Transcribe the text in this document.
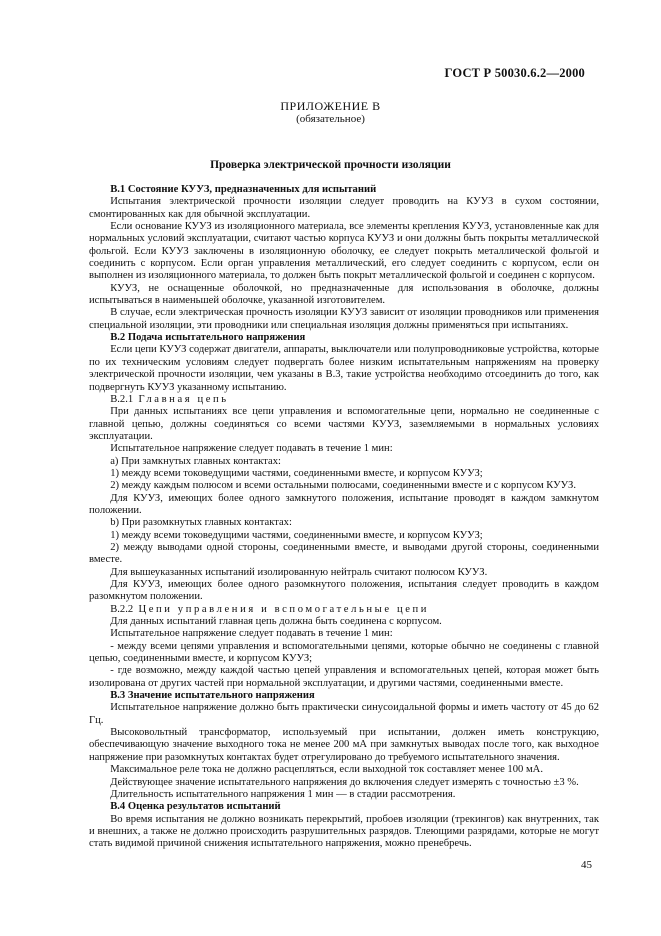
ГОСТ Р 50030.6.2—2000
ПРИЛОЖЕНИЕ В
(обязательное)
Проверка электрической прочности изоляции

В.1 Состояние КУУЗ, предназначенных для испытаний

Испытания электрической прочности изоляции следует проводить на КУУЗ в сухом состоянии, смонтированных как для обычной эксплуатации.

Если основание КУУЗ из изоляционного материала, все элементы крепления КУУЗ, установленные как для нормальных условий эксплуатации, считают частью корпуса КУУЗ и они должны быть покрыты металлической фольгой. Если КУУЗ заключены в изоляционную оболочку, ее следует покрыть металлической фольгой и соединить с корпусом. Если орган управления металлический, его следует соединить с корпусом, если он выполнен из изоляционного материала, то должен быть покрыт металлической фольгой и соединен с корпусом.

КУУЗ, не оснащенные оболочкой, но предназначенные для использования в оболочке, должны испытываться в наименьшей оболочке, указанной изготовителем.

В случае, если электрическая прочность изоляции КУУЗ зависит от изоляции проводников или применения специальной изоляции, эти проводники или специальная изоляция должны применяться при испытаниях.

В.2 Подача испытательного напряжения

Если цепи КУУЗ содержат двигатели, аппараты, выключатели или полупроводниковые устройства, которые по их техническим условиям следует подвергать более низким испытательным напряжениям на проверку электрической прочности изоляции, чем указаны в В.3, такие устройства необходимо отсоединить до того, как подвергнуть КУУЗ указанному испытанию.

В.2.1 Главная цепь

При данных испытаниях все цепи управления и вспомогательные цепи, нормально не соединенные с главной цепью, должны соединяться со всеми частями КУУЗ, заземляемыми в нормальных условиях эксплуатации.

Испытательное напряжение следует подавать в течение 1 мин:

а) При замкнутых главных контактах:

1) между всеми токоведущими частями, соединенными вместе, и корпусом КУУЗ;

2) между каждым полюсом и всеми остальными полюсами, соединенными вместе и с корпусом КУУЗ.

Для КУУЗ, имеющих более одного замкнутого положения, испытание проводят в каждом замкнутом положении.

b) При разомкнутых главных контактах:

1) между всеми токоведущими частями, соединенными вместе, и корпусом КУУЗ;

2) между выводами одной стороны, соединенными вместе, и выводами другой стороны, соединенными вместе.

Для вышеуказанных испытаний изолированную нейтраль считают полюсом КУУЗ.

Для КУУЗ, имеющих более одного разомкнутого положения, испытания следует проводить в каждом разомкнутом положении.

В.2.2 Цепи управления и вспомогательные цепи

Для данных испытаний главная цепь должна быть соединена с корпусом.

Испытательное напряжение следует подавать в течение 1 мин:

- между всеми цепями управления и вспомогательными цепями, которые обычно не соединены с главной цепью, соединенными вместе, и корпусом КУУЗ;

- где возможно, между каждой частью цепей управления и вспомогательных цепей, которая может быть изолирована от других частей при нормальной эксплуатации, и другими частями, соединенными вместе.

В.3 Значение испытательного напряжения

Испытательное напряжение должно быть практически синусоидальной формы и иметь частоту от 45 до 62 Гц.

Высоковольтный трансформатор, используемый при испытании, должен иметь конструкцию, обеспечивающую значение выходного тока не менее 200 мА при замкнутых выводах после того, как выходное напряжение при разомкнутых контактах будет отрегулировано до требуемого испытательного значения.

Максимальное реле тока не должно расцепляться, если выходной ток составляет менее 100 мА.

Действующее значение испытательного напряжения до включения следует измерять с точностью ±3 %.

Длительность испытательного напряжения 1 мин — в стадии рассмотрения.

В.4 Оценка результатов испытаний

Во время испытания не должно возникать перекрытий, пробоев изоляции (трекингов) как внутренних, так и внешних, а также не должно происходить разрушительных разрядов. Тлеющими разрядами, которые не могут стать видимой причиной снижения испытательного напряжения, можно пренебречь.

45
